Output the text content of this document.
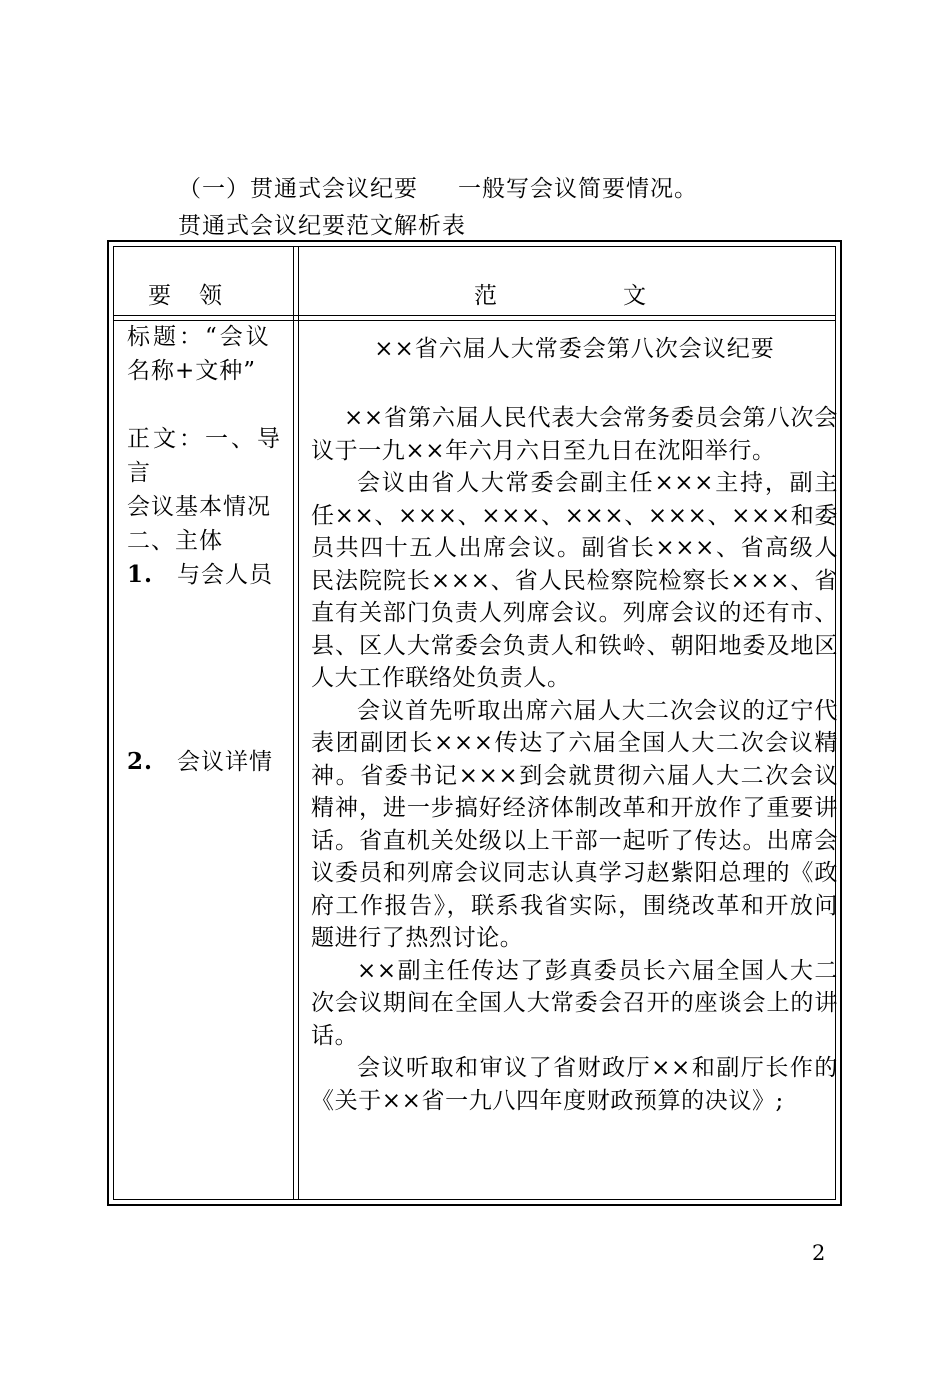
（一）贯通式会议纪要 一般写会议简要情况。
贯通式会议纪要范文解析表
要领	范文

标题：“会议

名称+文种”

正文：一、导

言

会议基本情况

二、主体

1. 与会人员

2. 会议详情

××省六届人大常委会第八次会议纪要

××省第六届人民代表大会常务委员会第八次会议于一九××年六月六日至九日在沈阳举行。

会议由省人大常委会副主任×××主持，副主任××、×××、×××、×××、×××、×××和委员共四十五人出席会议。副省长×××、省高级人民法院院长×××、省人民检察院检察长×××、省直有关部门负责人列席会议。列席会议的还有市、县、区人大常委会负责人和铁岭、朝阳地委及地区人大工作联络处负责人。

会议首先听取出席六届人大二次会议的辽宁代表团副团长×××传达了六届全国人大二次会议精神。省委书记×××到会就贯彻六届人大二次会议精神，进一步搞好经济体制改革和开放作了重要讲话。省直机关处级以上干部一起听了传达。出席会议委员和列席会议同志认真学习赵紫阳总理的《政府工作报告》，联系我省实际，围绕改革和开放问题进行了热烈讨论。

××副主任传达了彭真委员长六届全国人大二次会议期间在全国人大常委会召开的座谈会上的讲话。

会议听取和审议了省财政厅××和副厅长作的《关于××省一九八四年度财政预算的决议》;

2
